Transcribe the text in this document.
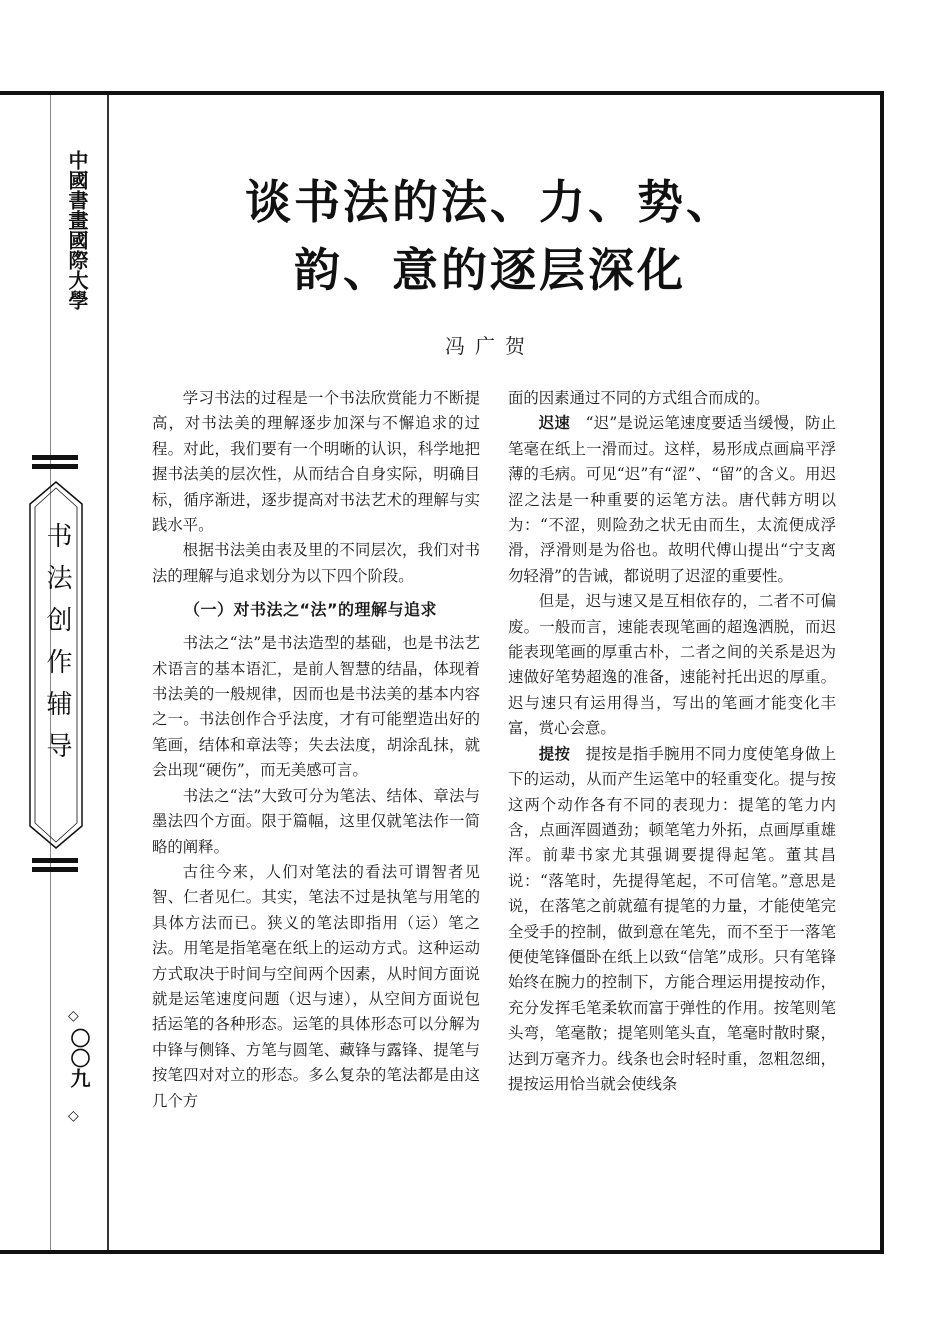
中國書畫國際大學
书法创作辅导
◇
〇〇九
◇
谈书法的法、力、势、
韵、意的逐层深化
冯广贺

学习书法的过程是一个书法欣赏能力不断提高，对书法美的理解逐步加深与不懈追求的过程。对此，我们要有一个明晰的认识，科学地把握书法美的层次性，从而结合自身实际，明确目标，循序渐进，逐步提高对书法艺术的理解与实践水平。

根据书法美由表及里的不同层次，我们对书法的理解与追求划分为以下四个阶段。

（一）对书法之“法”的理解与追求

书法之“法”是书法造型的基础，也是书法艺术语言的基本语汇，是前人智慧的结晶，体现着书法美的一般规律，因而也是书法美的基本内容之一。书法创作合乎法度，才有可能塑造出好的笔画，结体和章法等；失去法度，胡涂乱抹，就会出现“硬伤”，而无美感可言。

书法之“法”大致可分为笔法、结体、章法与墨法四个方面。限于篇幅，这里仅就笔法作一简略的阐释。

古往今来，人们对笔法的看法可谓智者见智、仁者见仁。其实，笔法不过是执笔与用笔的具体方法而已。狭义的笔法即指用（运）笔之法。用笔是指笔毫在纸上的运动方式。这种运动方式取决于时间与空间两个因素，从时间方面说就是运笔速度问题（迟与速），从空间方面说包括运笔的各种形态。运笔的具体形态可以分解为中锋与侧锋、方笔与圆笔、藏锋与露锋、提笔与按笔四对对立的形态。多么复杂的笔法都是由这几个方

面的因素通过不同的方式组合而成的。

迟速　 “迟”是说运笔速度要适当缓慢，防止笔毫在纸上一滑而过。这样，易形成点画扁平浮薄的毛病。可见“迟”有“涩”、“留”的含义。用迟涩之法是一种重要的运笔方法。唐代韩方明以为：“不涩，则险劲之状无由而生，太流便成浮滑，浮滑则是为俗也。故明代傅山提出“宁支离勿轻滑”的告诫，都说明了迟涩的重要性。

但是，迟与速又是互相依存的，二者不可偏废。一般而言，速能表现笔画的超逸洒脱，而迟能表现笔画的厚重古朴，二者之间的关系是迟为速做好笔势超逸的准备，速能衬托出迟的厚重。迟与速只有运用得当，写出的笔画才能变化丰富，赏心会意。

提按　 提按是指手腕用不同力度使笔身做上下的运动，从而产生运笔中的轻重变化。提与按这两个动作各有不同的表现力：提笔的笔力内含，点画浑圆遒劲；顿笔笔力外拓，点画厚重雄浑。前辈书家尤其强调要提得起笔。董其昌说：“落笔时，先提得笔起，不可信笔。”意思是说，在落笔之前就蕴有提笔的力量，才能使笔完全受手的控制，做到意在笔先，而不至于一落笔便使笔锋僵卧在纸上以致“信笔”成形。只有笔锋始终在腕力的控制下，方能合理运用提按动作，充分发挥毛笔柔软而富于弹性的作用。按笔则笔头弯，笔毫散；提笔则笔头直，笔毫时散时聚，达到万毫齐力。线条也会时轻时重，忽粗忽细，提按运用恰当就会使线条
